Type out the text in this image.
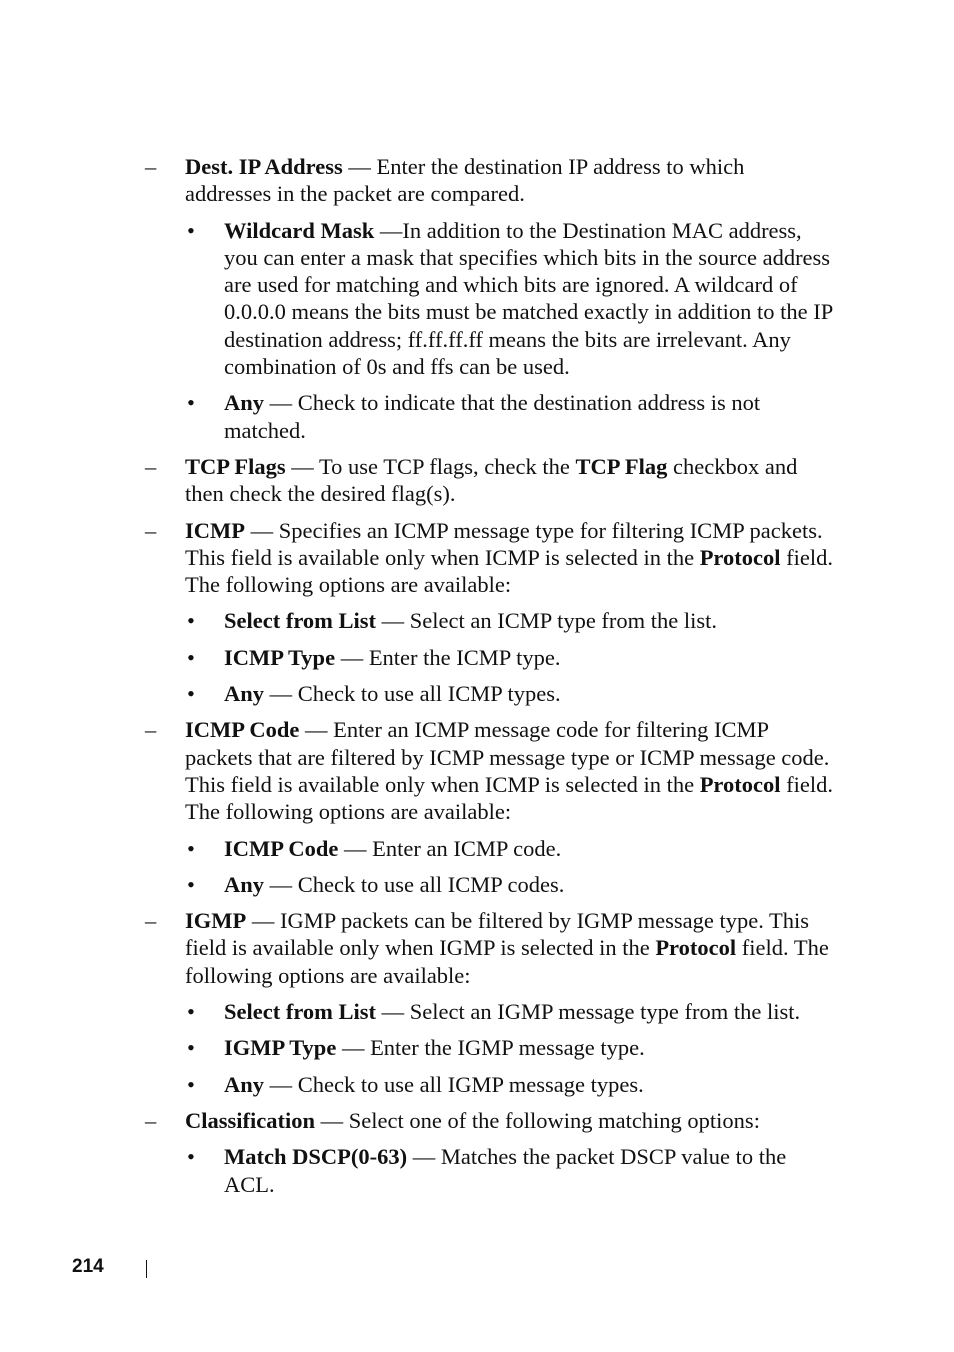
– Dest. IP Address — Enter the destination IP address to which addresses in the packet are compared.
• Wildcard Mask —In addition to the Destination MAC address, you can enter a mask that specifies which bits in the source address are used for matching and which bits are ignored. A wildcard of 0.0.0.0 means the bits must be matched exactly in addition to the IP destination address; ff.ff.ff.ff means the bits are irrelevant. Any combination of 0s and ffs can be used.
• Any — Check to indicate that the destination address is not matched.
– TCP Flags — To use TCP flags, check the TCP Flag checkbox and then check the desired flag(s).
– ICMP — Specifies an ICMP message type for filtering ICMP packets. This field is available only when ICMP is selected in the Protocol field. The following options are available:
• Select from List — Select an ICMP type from the list.
• ICMP Type — Enter the ICMP type.
• Any — Check to use all ICMP types.
– ICMP Code — Enter an ICMP message code for filtering ICMP packets that are filtered by ICMP message type or ICMP message code. This field is available only when ICMP is selected in the Protocol field. The following options are available:
• ICMP Code — Enter an ICMP code.
• Any — Check to use all ICMP codes.
– IGMP — IGMP packets can be filtered by IGMP message type. This field is available only when IGMP is selected in the Protocol field. The following options are available:
• Select from List — Select an IGMP message type from the list.
• IGMP Type — Enter the IGMP message type.
• Any — Check to use all IGMP message types.
– Classification — Select one of the following matching options:
• Match DSCP(0-63) — Matches the packet DSCP value to the ACL.
214
